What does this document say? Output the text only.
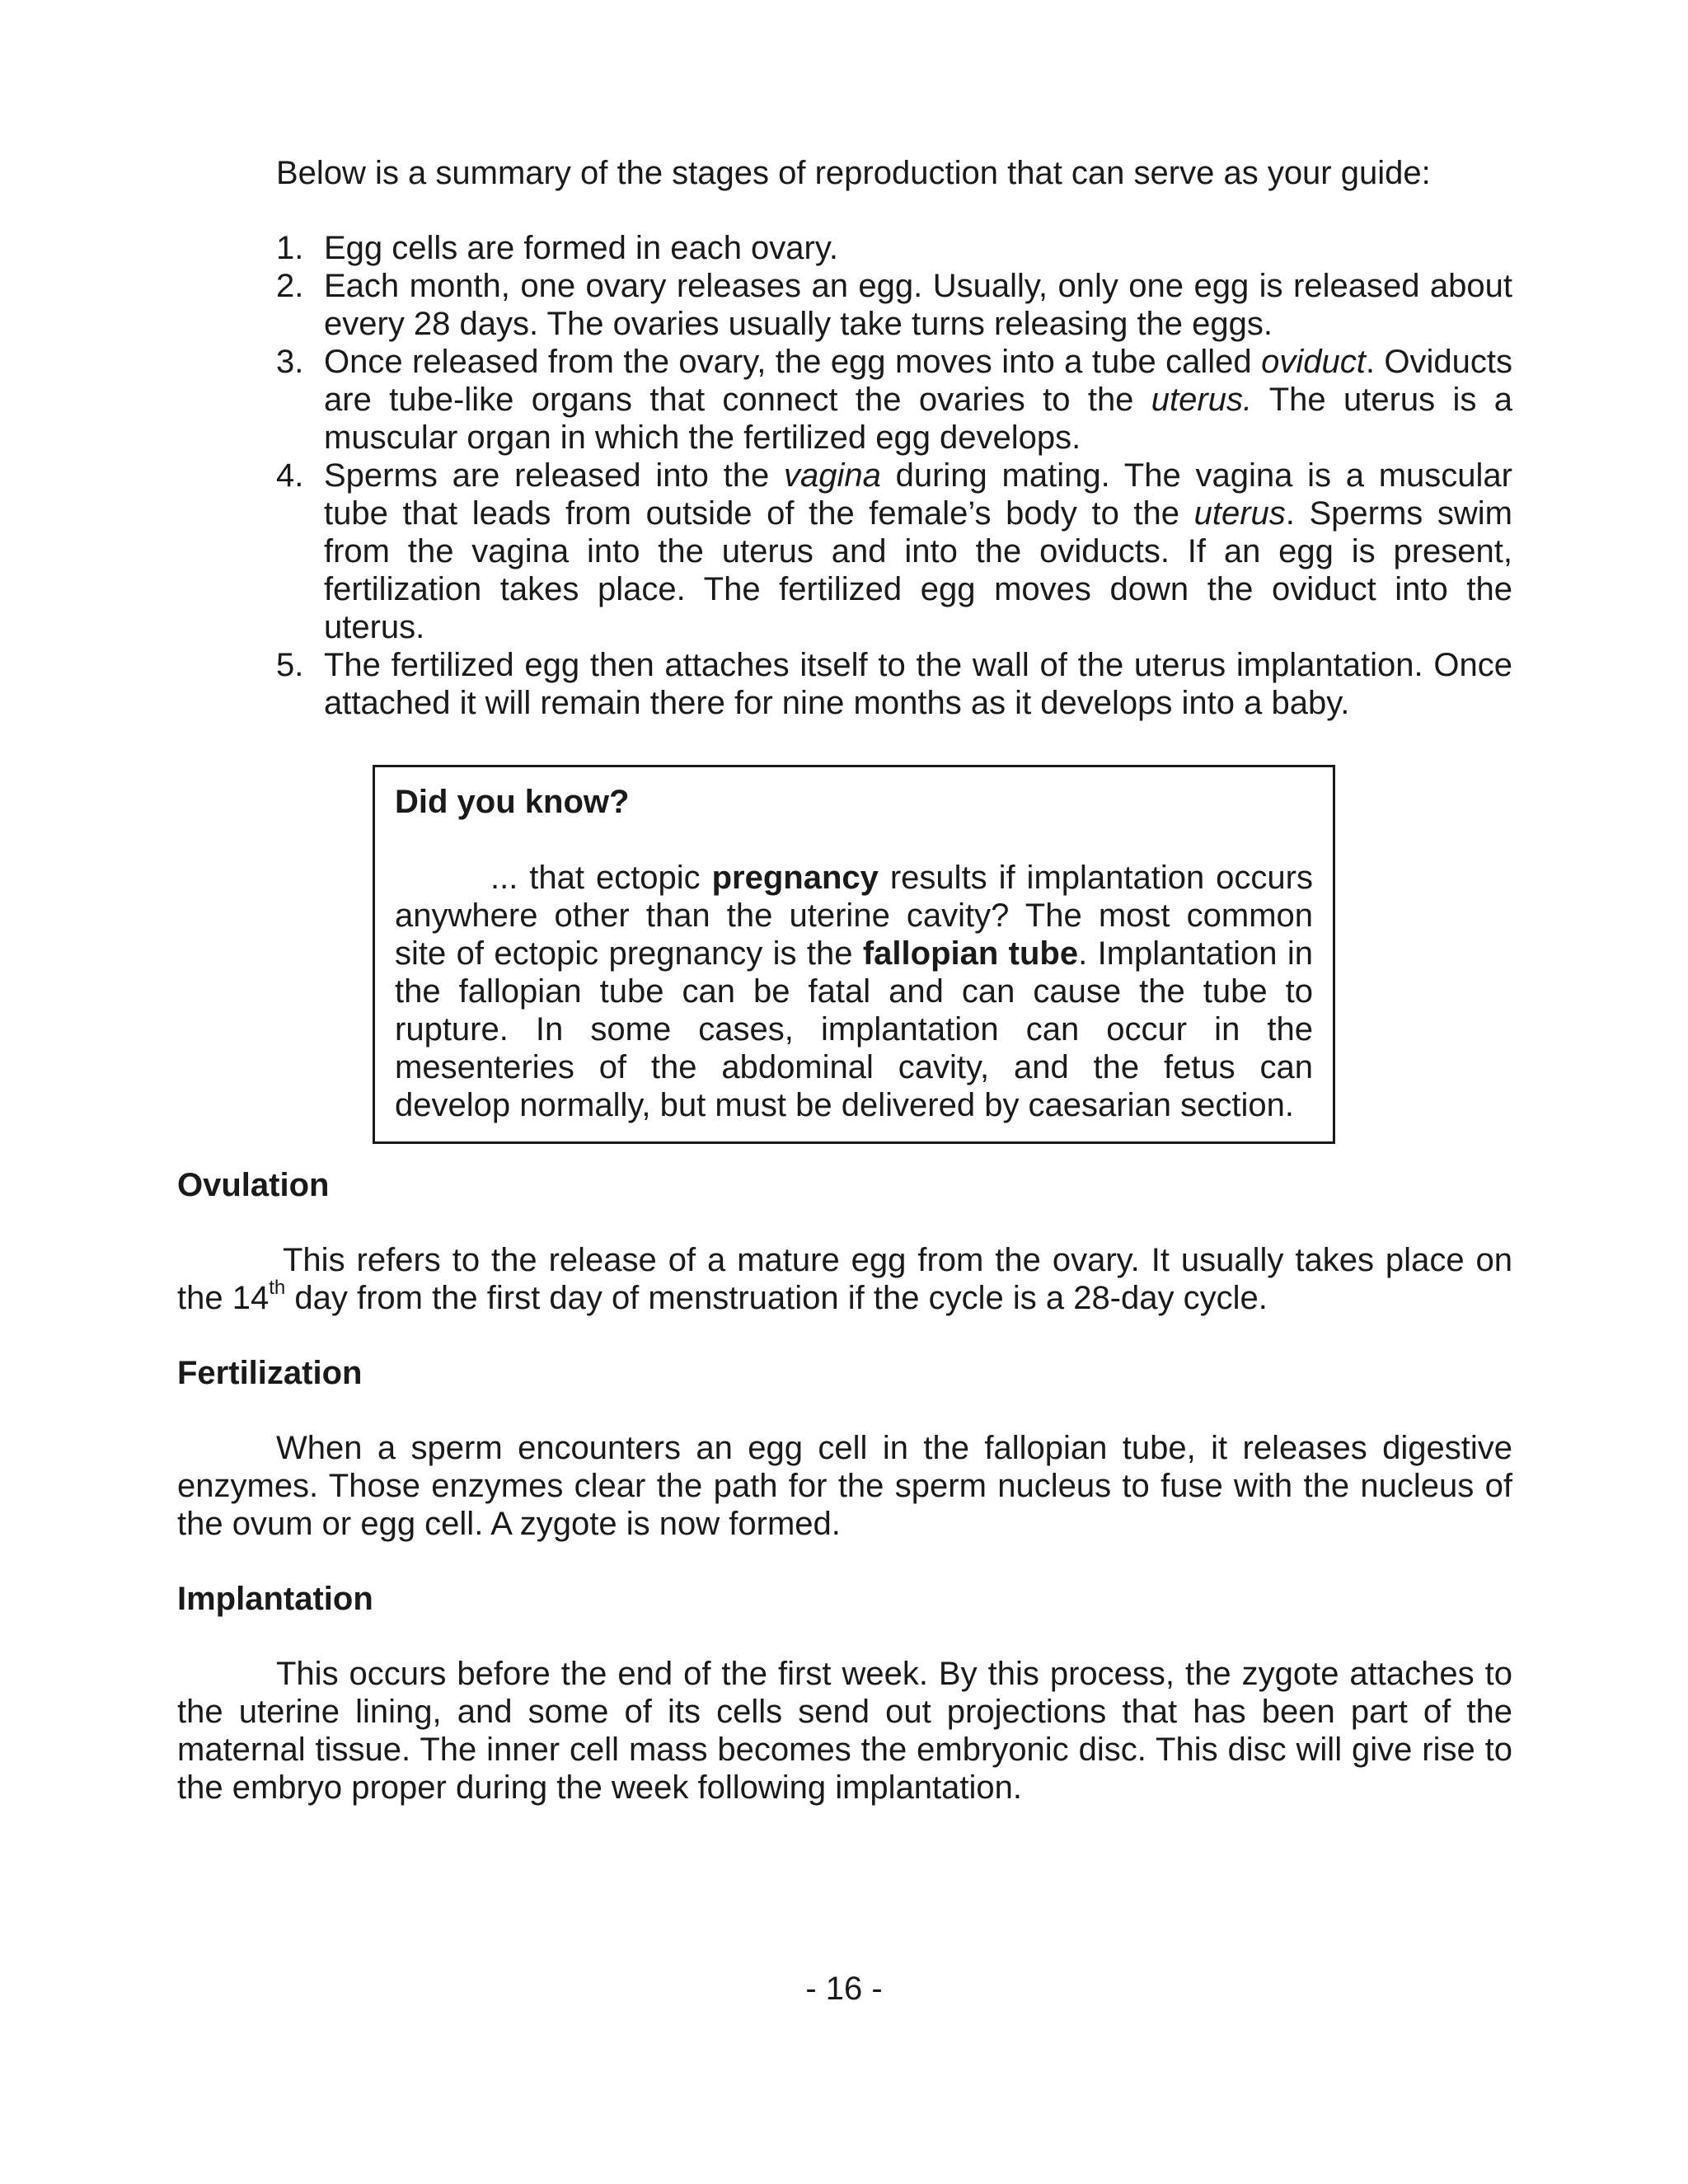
Below is a summary of the stages of reproduction that can serve as your guide:

1. Egg cells are formed in each ovary.
2. Each month, one ovary releases an egg. Usually, only one egg is released about every 28 days. The ovaries usually take turns releasing the eggs.
3. Once released from the ovary, the egg moves into a tube called oviduct. Oviducts are tube-like organs that connect the ovaries to the uterus. The uterus is a muscular organ in which the fertilized egg develops.
4. Sperms are released into the vagina during mating. The vagina is a muscular tube that leads from outside of the female’s body to the uterus. Sperms swim from the vagina into the uterus and into the oviducts. If an egg is present, fertilization takes place. The fertilized egg moves down the oviduct into the uterus.
5. The fertilized egg then attaches itself to the wall of the uterus implantation. Once attached it will remain there for nine months as it develops into a baby.

Did you know?

... that ectopic pregnancy results if implantation occurs anywhere other than the uterine cavity? The most common site of ectopic pregnancy is the fallopian tube. Implantation in the fallopian tube can be fatal and can cause the tube to rupture. In some cases, implantation can occur in the mesenteries of the abdominal cavity, and the fetus can develop normally, but must be delivered by caesarian section.

Ovulation

This refers to the release of a mature egg from the ovary. It usually takes place on the 14th day from the first day of menstruation if the cycle is a 28-day cycle.

Fertilization

When a sperm encounters an egg cell in the fallopian tube, it releases digestive enzymes. Those enzymes clear the path for the sperm nucleus to fuse with the nucleus of the ovum or egg cell. A zygote is now formed.

Implantation

This occurs before the end of the first week. By this process, the zygote attaches to the uterine lining, and some of its cells send out projections that has been part of the maternal tissue. The inner cell mass becomes the embryonic disc. This disc will give rise to the embryo proper during the week following implantation.

- 16 -
